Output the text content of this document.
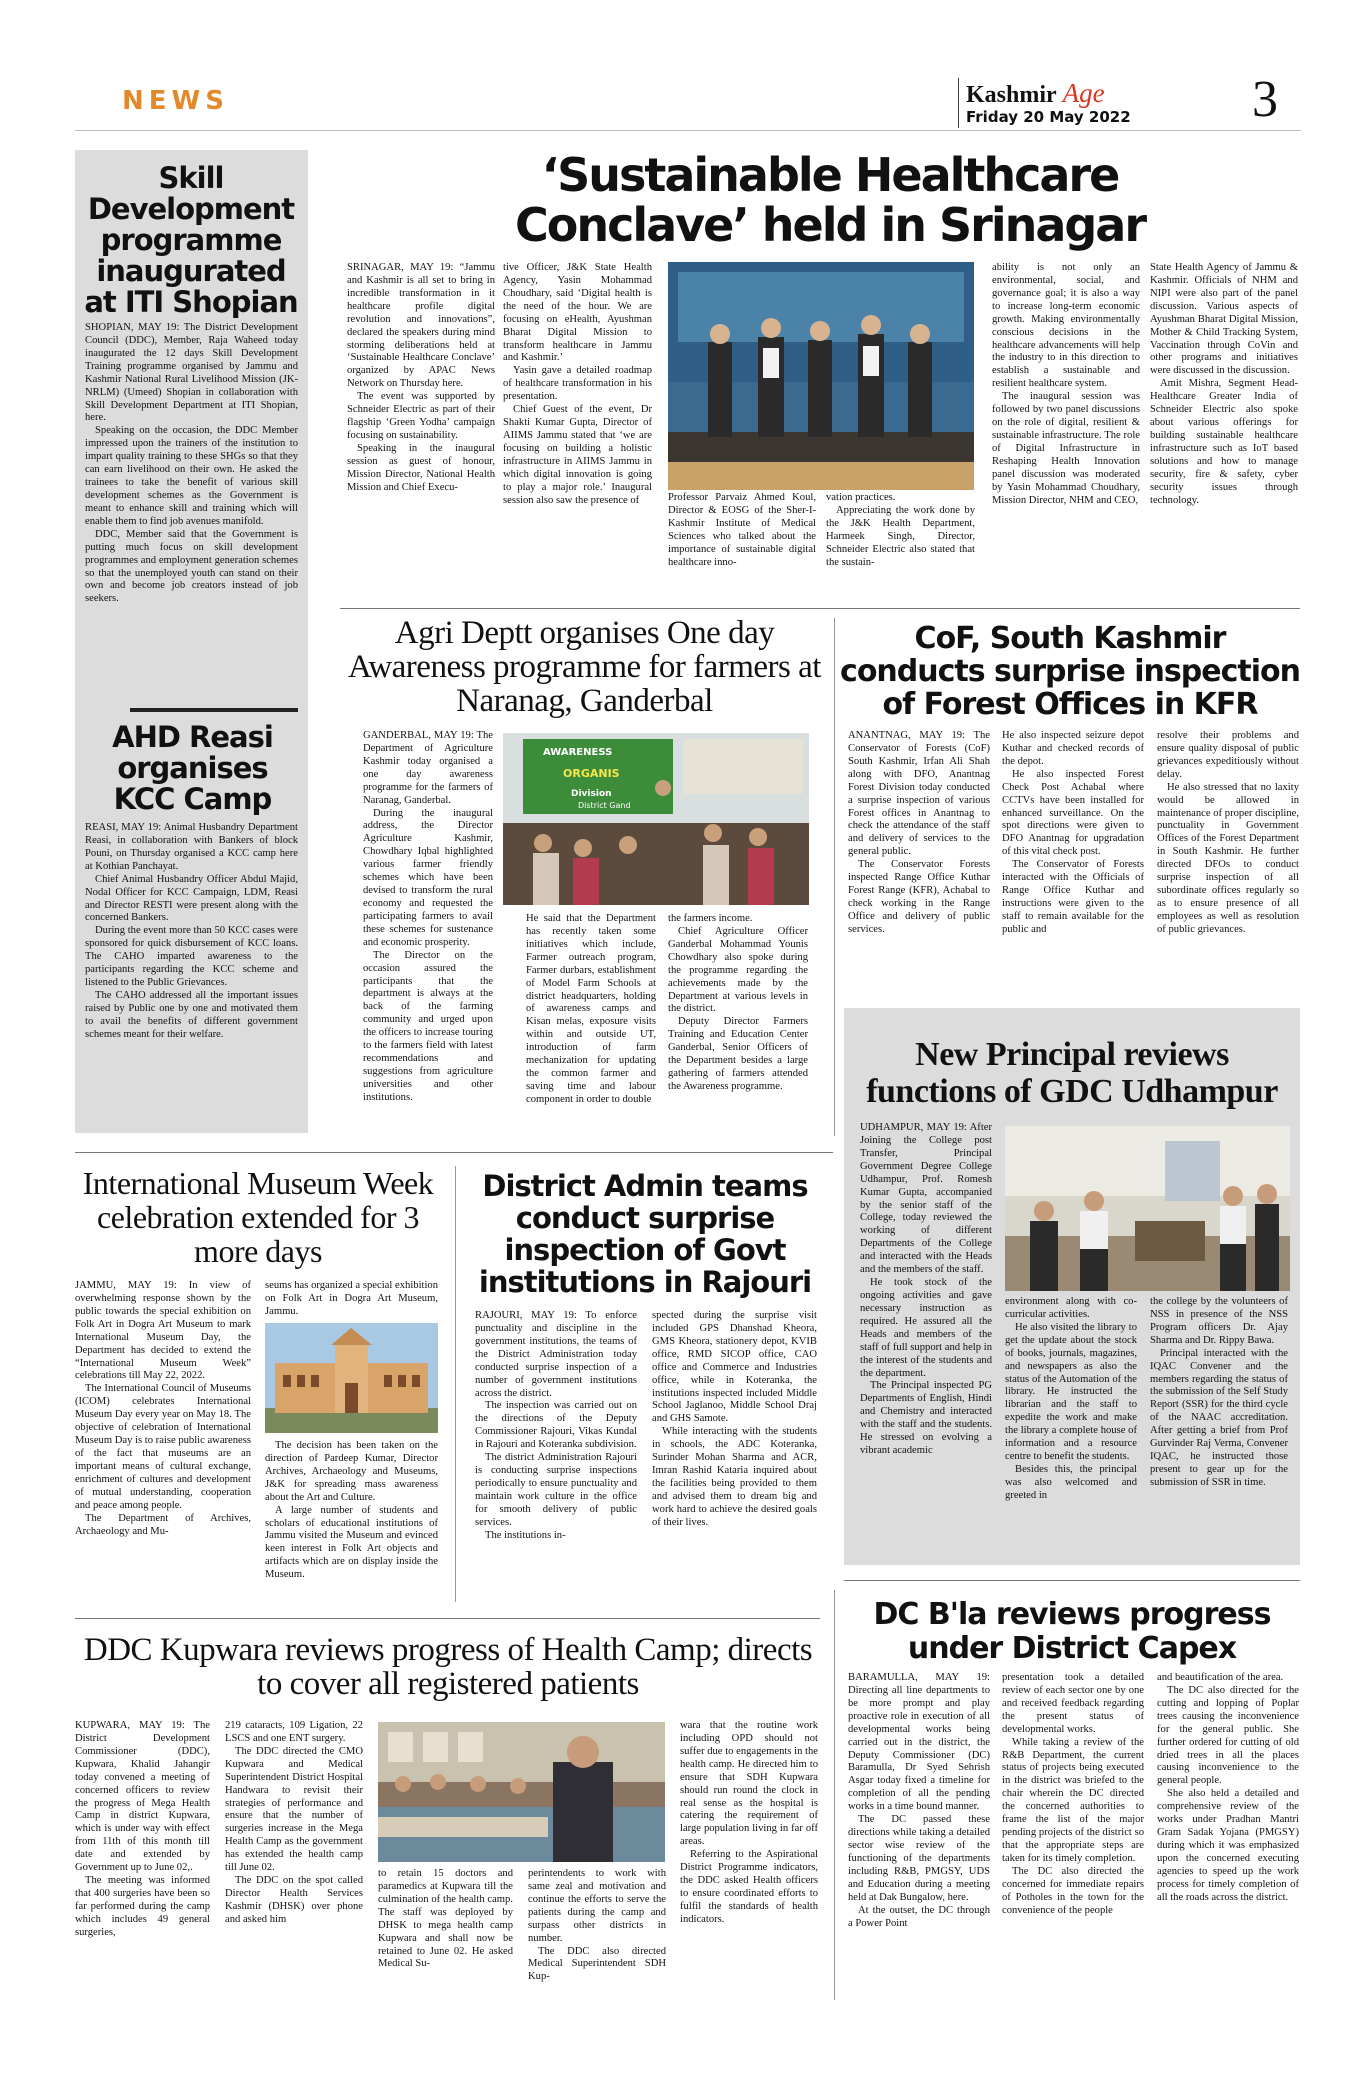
NEWS	Kashmir Age
Friday 20 May 2022 3
Skill Development programme inaugurated at ITI Shopian

SHOPIAN, MAY 19: The District Development Council (DDC), Member, Raja Waheed today inaugurated the 12 days Skill Development Training programme organised by Jammu and Kashmir National Rural Livelihood Mission (JK-NRLM) (Umeed) Shopian in collaboration with Skill Development Department at ITI Shopian, here.

Speaking on the occasion, the DDC Member impressed upon the trainers of the institution to impart quality training to these SHGs so that they can earn livelihood on their own. He asked the trainees to take the benefit of various skill development schemes as the Government is meant to enhance skill and training which will enable them to find job avenues manifold.

DDC, Member said that the Government is putting much focus on skill development programmes and employment generation schemes so that the unemployed youth can stand on their own and become job creators instead of job seekers.

AHD Reasi organises KCC Camp

REASI, MAY 19: Animal Husbandry Department Reasi, in collaboration with Bankers of block Pouni, on Thursday organised a KCC camp here at Kothian Panchayat.

Chief Animal Husbandry Officer Abdul Majid, Nodal Officer for KCC Campaign, LDM, Reasi and Director RESTI were present along with the concerned Bankers.

During the event more than 50 KCC cases were sponsored for quick disbursement of KCC loans. The CAHO imparted awareness to the participants regarding the KCC scheme and listened to the Public Grievances.

The CAHO addressed all the important issues raised by Public one by one and motivated them to avail the benefits of different government schemes meant for their welfare.

‘Sustainable Healthcare Conclave’ held in Srinagar

SRINAGAR, MAY 19: “Jammu and Kashmir is all set to bring in incredible transformation in it healthcare profile digital revolution and innovations”, declared the speakers during mind storming deliberations held at ‘Sustainable Healthcare Conclave’ organized by APAC News Network on Thursday here.

The event was supported by Schneider Electric as part of their flagship ‘Green Yodha’ campaign focusing on sustainability.

Speaking in the inaugural session as guest of honour, Mission Director, National Health Mission and Chief Execu-

tive Officer, J&K State Health Agency, Yasin Mohammad Choudhary, said ‘Digital health is the need of the hour. We are focusing on eHealth, Ayushman Bharat Digital Mission to transform healthcare in Jammu and Kashmir.’

Yasin gave a detailed roadmap of healthcare transformation in his presentation.

Chief Guest of the event, Dr Shakti Kumar Gupta, Director of AIIMS Jammu stated that ‘we are focusing on building a holistic infrastructure in AIIMS Jammu in which digital innovation is going to play a major role.’ Inaugural session also saw the presence of	Professor Parvaiz Ahmed Koul, Director & EOSG of the Sher-I-Kashmir Institute of Medical Sciences who talked about the importance of sustainable digital healthcare inno-

vation practices.

Appreciating the work done by the J&K Health Department, Harmeek Singh, Director, Schneider Electric also stated that the sustain-

ability is not only an environmental, social, and governance goal; it is also a way to increase long-term economic growth. Making environmentally conscious decisions in the healthcare advancements will help the industry to in this direction to establish a sustainable and resilient healthcare system.

The inaugural session was followed by two panel discussions on the role of digital, resilient & sustainable infrastructure. The role of Digital Infrastructure in Reshaping Health Innovation panel discussion was moderated by Yasin Mohammad Choudhary, Mission Director, NHM and CEO,

State Health Agency of Jammu & Kashmir. Officials of NHM and NIPI were also part of the panel discussion. Various aspects of Ayushman Bharat Digital Mission, Mother & Child Tracking System, Vaccination through CoVin and other programs and initiatives were discussed in the discussion.

Amit Mishra, Segment Head-Healthcare Greater India of Schneider Electric also spoke about various offerings for building sustainable healthcare infrastructure such as IoT based solutions and how to manage security, fire & safety, cyber security issues through technology.

Agri Deptt organises One day Awareness programme for farmers at Naranag, Ganderbal

GANDERBAL, MAY 19: The Department of Agriculture Kashmir today organised a one day awareness programme for the farmers of Naranag, Ganderbal.

During the inaugural address, the Director Agriculture Kashmir, Chowdhary Iqbal highlighted various farmer friendly schemes which have been devised to transform the rural economy and requested the participating farmers to avail these schemes for sustenance and economic prosperity.

The Director on the occasion assured the participants that the department is always at the back of the farming community and urged upon the officers to increase touring to the farmers field with latest recommendations and suggestions from agriculture universities and other institutions.

AWARENESS
ORGANIS
Division
District Gand

He said that the Department has recently taken some initiatives which include, Farmer outreach program, Farmer durbars, establishment of Model Farm Schools at district headquarters, holding of awareness camps and Kisan melas, exposure visits within and outside UT, introduction of farm mechanization for updating the common farmer and saving time and labour component in order to double

the farmers income.

Chief Agriculture Officer Ganderbal Mohammad Younis Chowdhary also spoke during the programme regarding the achievements made by the Department at various levels in the district.

Deputy Director Farmers Training and Education Center Ganderbal, Senior Officers of the Department besides a large gathering of farmers attended the Awareness programme.

CoF, South Kashmir conducts surprise inspection of Forest Offices in KFR

ANANTNAG, MAY 19: The Conservator of Forests (CoF) South Kashmir, Irfan Ali Shah along with DFO, Anantnag Forest Division today conducted a surprise inspection of various Forest offices in Anantnag to check the attendance of the staff and delivery of services to the general public.

The Conservator Forests inspected Range Office Kuthar Forest Range (KFR), Achabal to check working in the Range Office and delivery of public services.

He also inspected seizure depot Kuthar and checked records of the depot.

He also inspected Forest Check Post Achabal where CCTVs have been installed for enhanced surveillance. On the spot directions were given to DFO Anantnag for upgradation of this vital check post.

The Conservator of Forests interacted with the Officials of Range Office Kuthar and instructions were given to the staff to remain available for the public and

resolve their problems and ensure quality disposal of public grievances expeditiously without delay.

He also stressed that no laxity would be allowed in maintenance of proper discipline, punctuality in Government Offices of the Forest Department in South Kashmir. He further directed DFOs to conduct surprise inspection of all subordinate offices regularly so as to ensure presence of all employees as well as resolution of public grievances.

New Principal reviews functions of GDC Udhampur

UDHAMPUR, MAY 19: After Joining the College post Transfer, Principal Government Degree College Udhampur, Prof. Romesh Kumar Gupta, accompanied by the senior staff of the College, today reviewed the working of different Departments of the College and interacted with the Heads and the members of the staff.

He took stock of the ongoing activities and gave necessary instruction as required. He assured all the Heads and members of the staff of full support and help in the interest of the students and the department.

The Principal inspected PG Departments of English, Hindi and Chemistry and interacted with the staff and the students. He stressed on evolving a vibrant academic

environment along with co-curricular activities.

He also visited the library to get the update about the stock of books, journals, magazines, and newspapers as also the status of the Automation of the library. He instructed the librarian and the staff to expedite the work and make the library a complete house of information and a resource centre to benefit the students.

Besides this, the principal was also welcomed and greeted in

the college by the volunteers of NSS in presence of the NSS Program officers Dr. Ajay Sharma and Dr. Rippy Bawa.

Principal interacted with the IQAC Convener and the members regarding the status of the submission of the Self Study Report (SSR) for the third cycle of the NAAC accreditation. After getting a brief from Prof Gurvinder Raj Verma, Convener IQAC, he instructed those present to gear up for the submission of SSR in time.

International Museum Week celebration extended for 3 more days

JAMMU, MAY 19: In view of overwhelming response shown by the public towards the special exhibition on Folk Art in Dogra Art Museum to mark International Museum Day, the Department has decided to extend the “International Museum Week” celebrations till May 22, 2022.

The International Council of Museums (ICOM) celebrates International Museum Day every year on May 18. The objective of celebration of International Museum Day is to raise public awareness of the fact that museums are an important means of cultural exchange, enrichment of cultures and development of mutual understanding, cooperation and peace among people.

The Department of Archives, Archaeology and Mu-

seums has organized a special exhibition on Folk Art in Dogra Art Museum, Jammu.

The decision has been taken on the direction of Pardeep Kumar, Director Archives, Archaeology and Museums, J&K for spreading mass awareness about the Art and Culture.

A large number of students and scholars of educational institutions of Jammu visited the Museum and evinced keen interest in Folk Art objects and artifacts which are on display inside the Museum.

District Admin teams conduct surprise inspection of Govt institutions in Rajouri

RAJOURI, MAY 19: To enforce punctuality and discipline in the government institutions, the teams of the District Administration today conducted surprise inspection of a number of government institutions across the district.

The inspection was carried out on the directions of the Deputy Commissioner Rajouri, Vikas Kundal in Rajouri and Koteranka subdivision.

The district Administration Rajouri is conducting surprise inspections periodically to ensure punctuality and maintain work culture in the office for smooth delivery of public services.

The institutions in-

spected during the surprise visit included GPS Dhanshad Kheora, GMS Kheora, stationery depot, KVIB office, RMD SICOP office, CAO office and Commerce and Industries office, while in Koteranka, the institutions inspected included Middle School Jaglanoo, Middle School Draj and GHS Samote.

While interacting with the students in schools, the ADC Koteranka, Surinder Mohan Sharma and ACR, Imran Rashid Kataria inquired about the facilities being provided to them and advised them to dream big and work hard to achieve the desired goals of their lives.

DDC Kupwara reviews progress of Health Camp; directs to cover all registered patients

KUPWARA, MAY 19: The District Development Commissioner (DDC), Kupwara, Khalid Jahangir today convened a meeting of concerned officers to review the progress of Mega Health Camp in district Kupwara, which is under way with effect from 11th of this month till date and extended by Government up to June 02,.

The meeting was informed that 400 surgeries have been so far performed during the camp which includes 49 general surgeries,

219 cataracts, 109 Ligation, 22 LSCS and one ENT surgery.

The DDC directed the CMO Kupwara and Medical Superintendent District Hospital Handwara to revisit their strategies of performance and ensure that the number of surgeries increase in the Mega Health Camp as the government has extended the health camp till June 02.

The DDC on the spot called Director Health Services Kashmir (DHSK) over phone and asked him

to retain 15 doctors and paramedics at Kupwara till the culmination of the health camp. The staff was deployed by DHSK to mega health camp Kupwara and shall now be retained to June 02. He asked Medical Su-

perintendents to work with same zeal and motivation and continue the efforts to serve the patients during the camp and surpass other districts in number.

The DDC also directed Medical Superintendent SDH Kup-

wara that the routine work including OPD should not suffer due to engagements in the health camp. He directed him to ensure that SDH Kupwara should run round the clock in real sense as the hospital is catering the requirement of large population living in far off areas.

Referring to the Aspirational District Programme indicators, the DDC asked Health officers to ensure coordinated efforts to fulfil the standards of health indicators.

DC B'la reviews progress under District Capex

BARAMULLA, MAY 19: Directing all line departments to be more prompt and play proactive role in execution of all developmental works being carried out in the district, the Deputy Commissioner (DC) Baramulla, Dr Syed Sehrish Asgar today fixed a timeline for completion of all the pending works in a time bound manner.

The DC passed these directions while taking a detailed sector wise review of the functioning of the departments including R&B, PMGSY, UDS and Education during a meeting held at Dak Bungalow, here.

At the outset, the DC through a Power Point

presentation took a detailed review of each sector one by one and received feedback regarding the present status of developmental works.

While taking a review of the R&B Department, the current status of projects being executed in the district was briefed to the chair wherein the DC directed the concerned authorities to frame the list of the major pending projects of the district so that the appropriate steps are taken for its timely completion.

The DC also directed the concerned for immediate repairs of Potholes in the town for the convenience of the people

and beautification of the area.

The DC also directed for the cutting and lopping of Poplar trees causing the inconvenience for the general public. She further ordered for cutting of old dried trees in all the places causing inconvenience to the general people.

She also held a detailed and comprehensive review of the works under Pradhan Mantri Gram Sadak Yojana (PMGSY) during which it was emphasized upon the concerned executing agencies to speed up the work process for timely completion of all the roads across the district.
